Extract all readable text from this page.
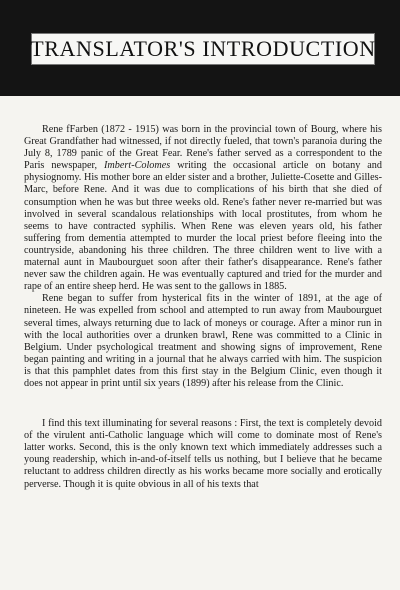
TRANSLATOR'S INTRODUCTION

Rene fFarben (1872 - 1915) was born in the provincial town of Bourg, where his Great Grandfather had witnessed, if not directly fueled, that town's paranoia during the July 8, 1789 panic of the Great Fear. Rene's father served as a correspondent to the Paris newspaper, Imbert-Colomes writing the occasional article on botany and physiognomy. His mother bore an elder sister and a brother, Juliette-Cosette and Gilles-Marc, before Rene. And it was due to complications of his birth that she died of consumption when he was but three weeks old. Rene's father never re-married but was involved in several scandalous relationships with local prostitutes, from whom he seems to have contracted syphilis. When Rene was eleven years old, his father suffering from dementia attempted to murder the local priest before fleeing into the countryside, abandoning his three children. The three children went to live with a maternal aunt in Maubourguet soon after their father's disappearance. Rene's father never saw the children again. He was eventually captured and tried for the murder and rape of an entire sheep herd. He was sent to the gallows in 1885.

Rene began to suffer from hysterical fits in the winter of 1891, at the age of nineteen. He was expelled from school and attempted to run away from Maubourguet several times, always returning due to lack of moneys or courage. After a minor run in with the local authorities over a drunken brawl, Rene was committed to a Clinic in Belgium. Under psychological treatment and showing signs of improvement, Rene began painting and writing in a journal that he always carried with him. The suspicion is that this pamphlet dates from this first stay in the Belgium Clinic, even though it does not appear in print until six years (1899) after his release from the Clinic.

I find this text illuminating for several reasons : First, the text is completely devoid of the virulent anti-Catholic language which will come to dominate most of Rene's latter works. Second, this is the only known text which immediately addresses such a young readership, which in-and-of-itself tells us nothing, but I believe that he became reluctant to address children directly as his works became more socially and erotically perverse. Though it is quite obvious in all of his texts that
